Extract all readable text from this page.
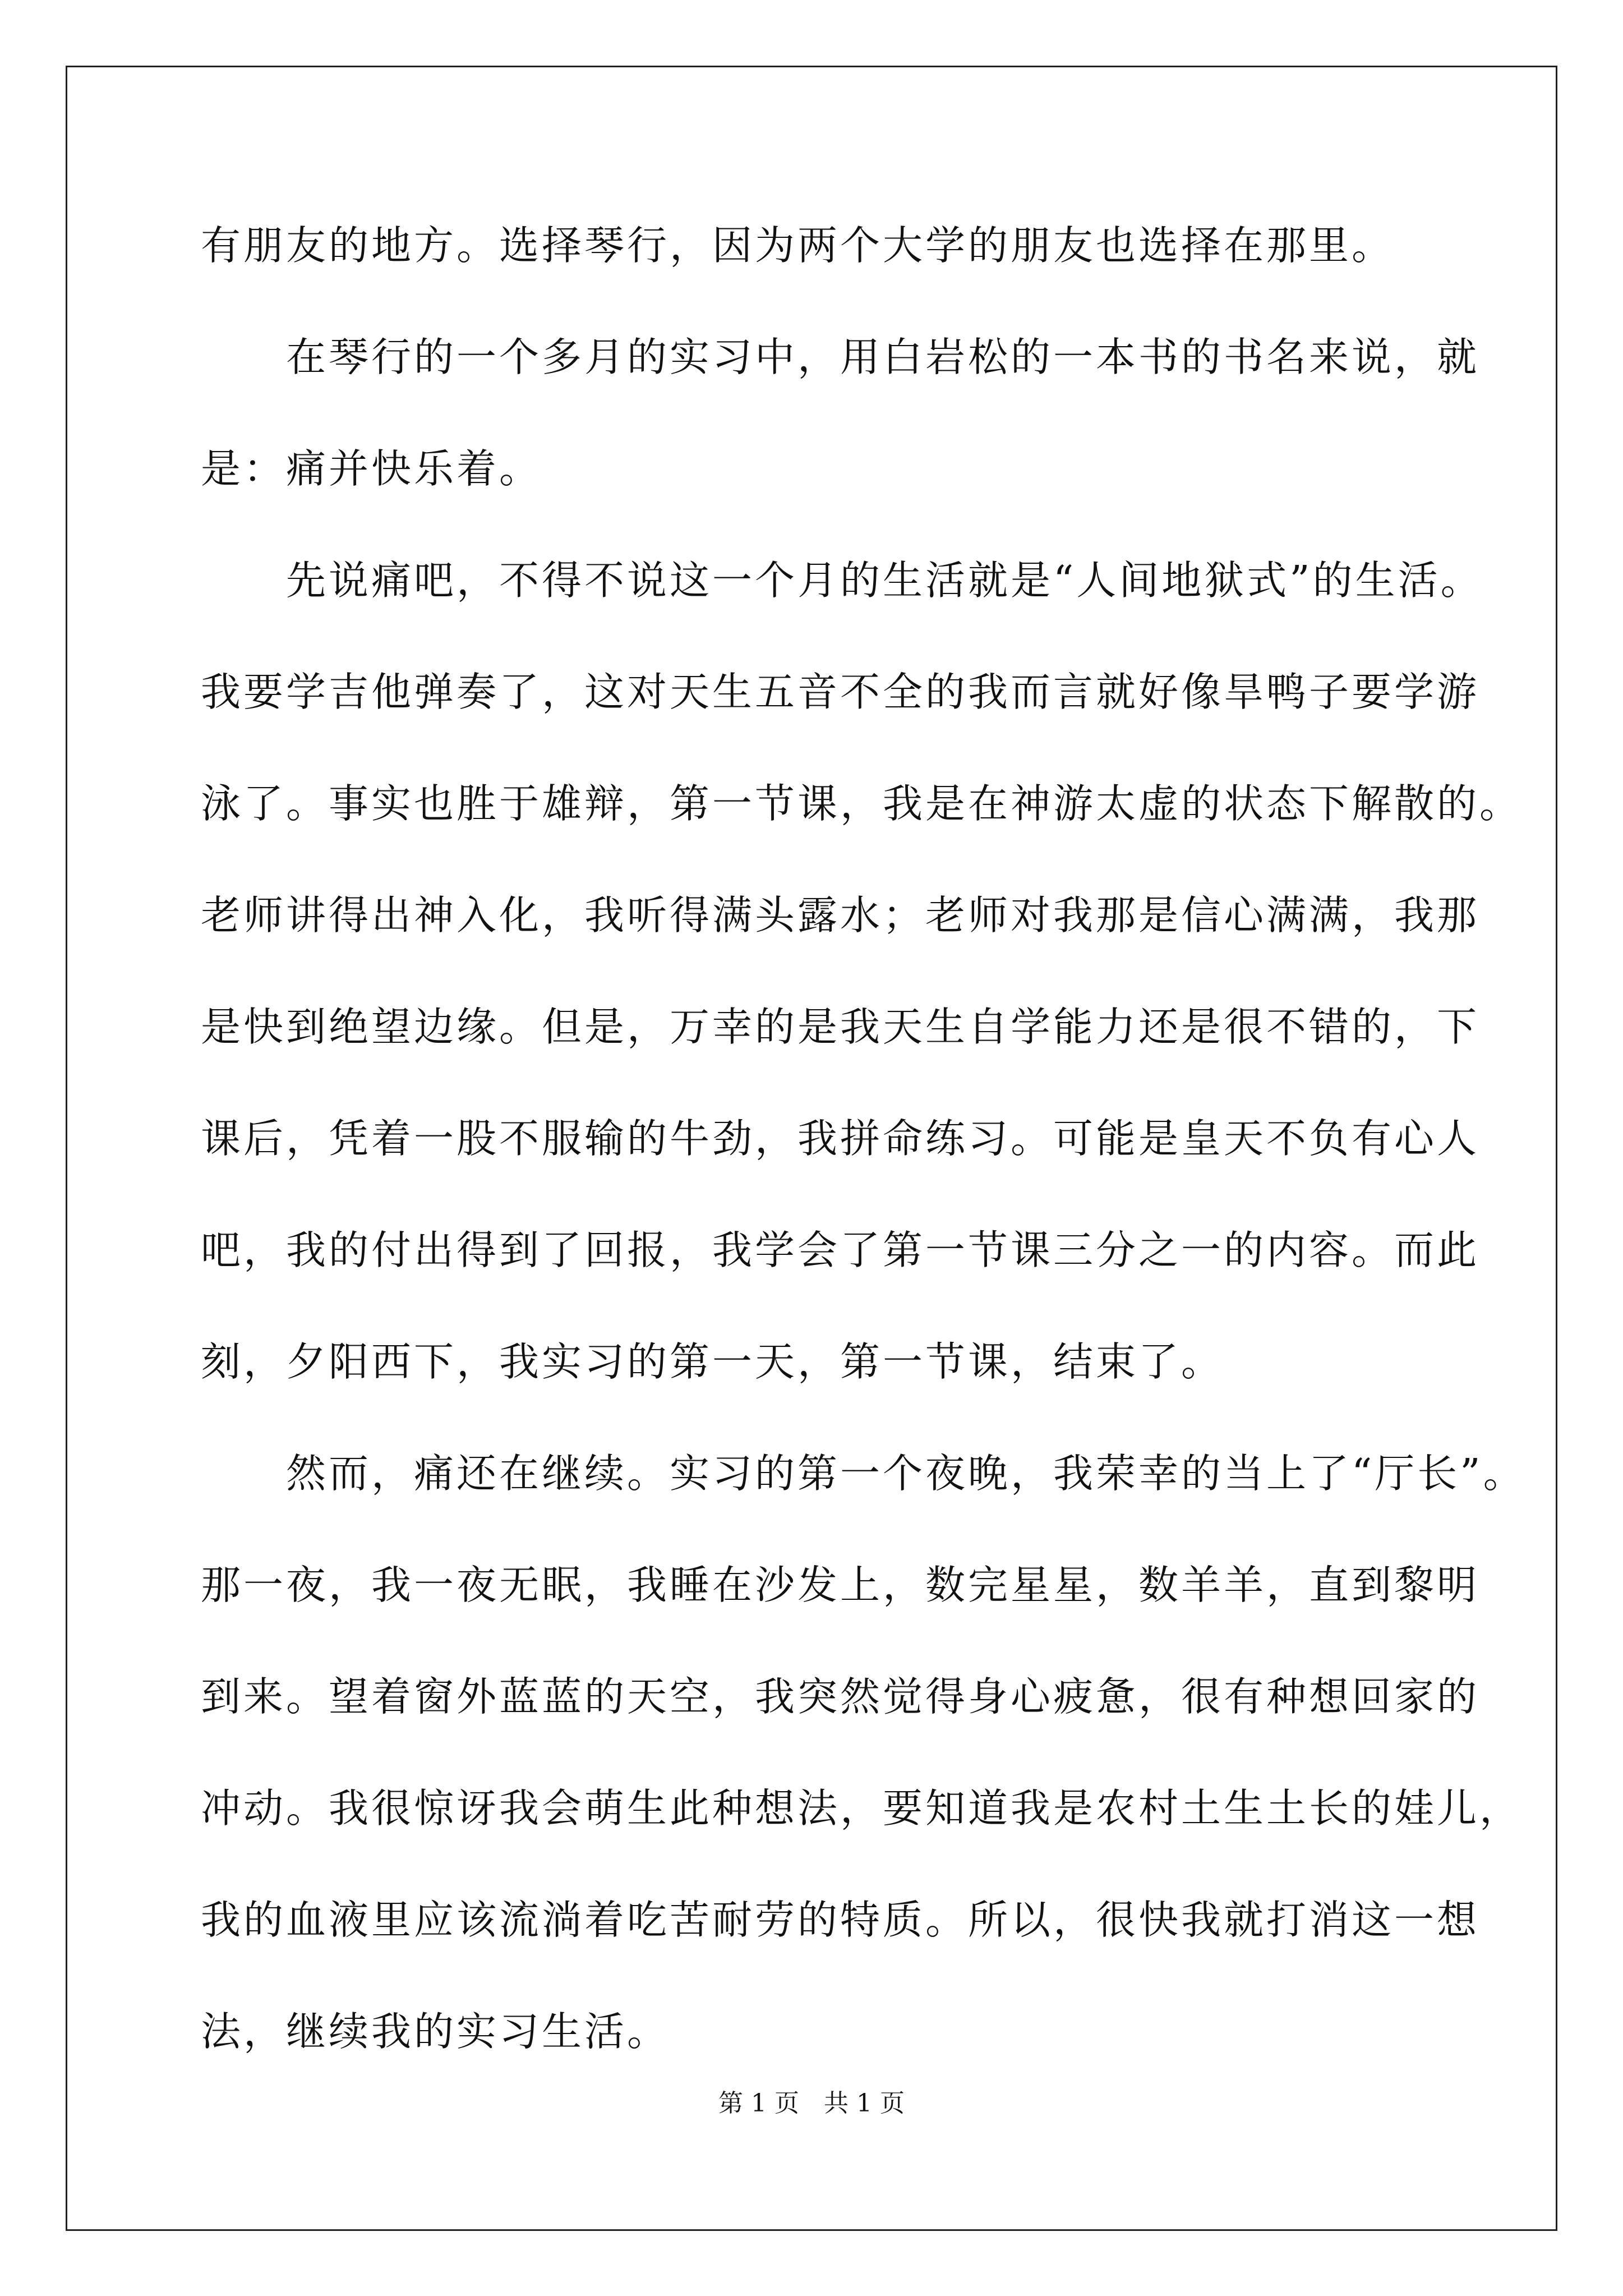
有朋友的地方。选择琴行，因为两个大学的朋友也选择在那里。
　　在琴行的一个多月的实习中，用白岩松的一本书的书名来说，就
是：痛并快乐着。
　　先说痛吧，不得不说这一个月的生活就是“人间地狱式”的生活。
我要学吉他弹奏了，这对天生五音不全的我而言就好像旱鸭子要学游
泳了。事实也胜于雄辩，第一节课，我是在神游太虚的状态下解散的。
老师讲得出神入化，我听得满头露水；老师对我那是信心满满，我那
是快到绝望边缘。但是，万幸的是我天生自学能力还是很不错的，下
课后，凭着一股不服输的牛劲，我拼命练习。可能是皇天不负有心人
吧，我的付出得到了回报，我学会了第一节课三分之一的内容。而此
刻，夕阳西下，我实习的第一天，第一节课，结束了。
　　然而，痛还在继续。实习的第一个夜晚，我荣幸的当上了“厅长”。
那一夜，我一夜无眠，我睡在沙发上，数完星星，数羊羊，直到黎明
到来。望着窗外蓝蓝的天空，我突然觉得身心疲惫，很有种想回家的
冲动。我很惊讶我会萌生此种想法，要知道我是农村土生土长的娃儿，
我的血液里应该流淌着吃苦耐劳的特质。所以，很快我就打消这一想
法，继续我的实习生活。
第 1 页　共 1 页
